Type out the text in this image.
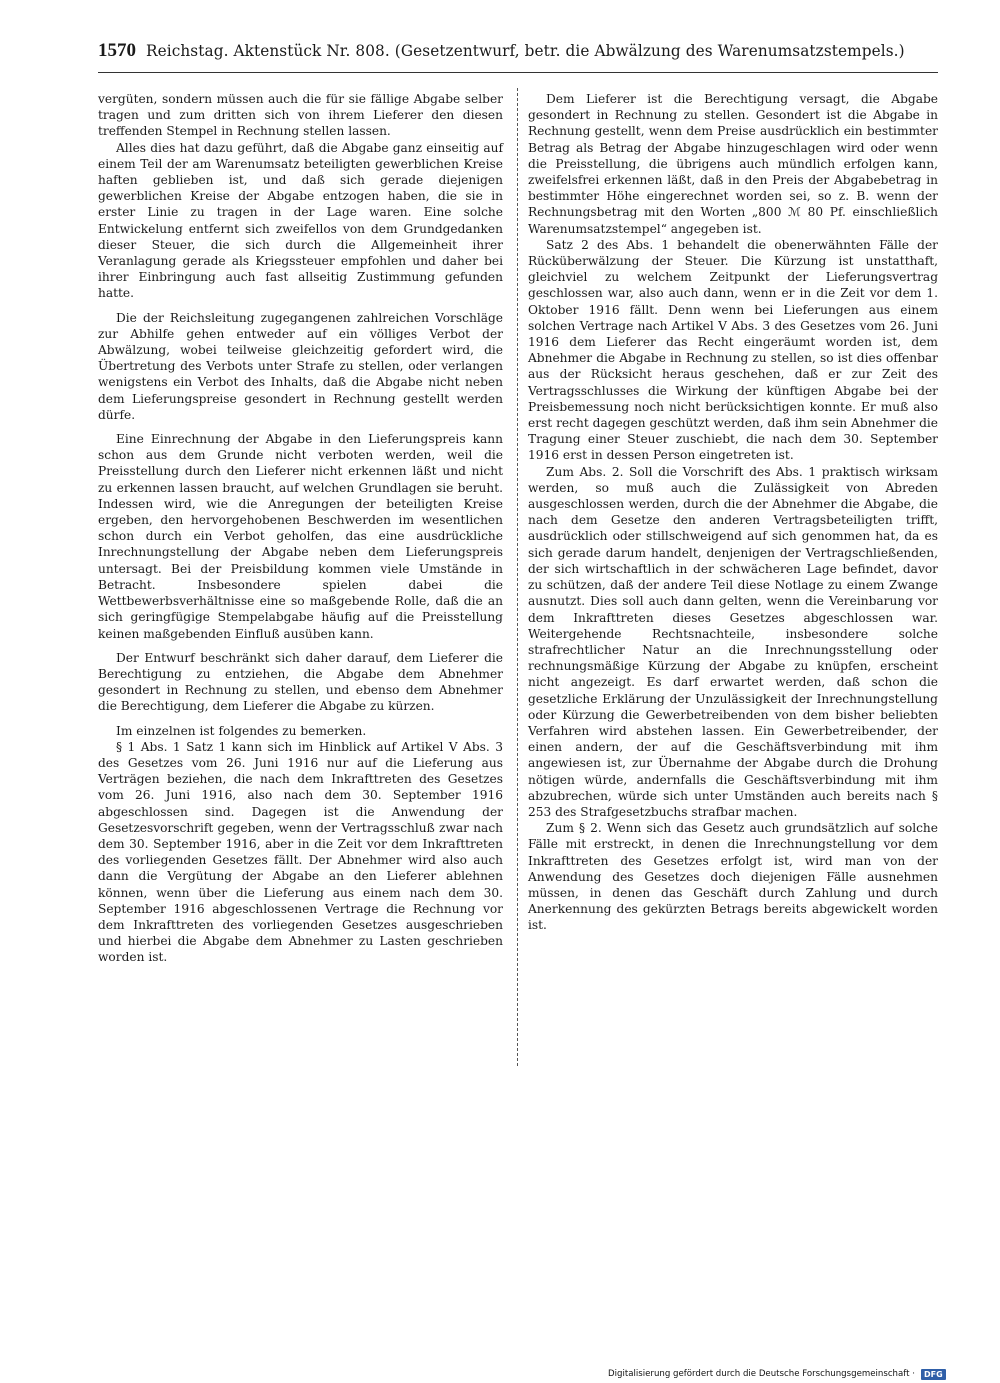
1570 Reichstag. Aktenstück Nr. 808. (Gesetzentwurf, betr. die Abwälzung des Warenumsatzstempels.)

vergüten, sondern müssen auch die für sie fällige Abgabe selber tragen und zum dritten sich von ihrem Lieferer den diesen treffenden Stempel in Rechnung stellen lassen.

Alles dies hat dazu geführt, daß die Abgabe ganz einseitig auf einem Teil der am Warenumsatz beteiligten gewerblichen Kreise haften geblieben ist, und daß sich gerade diejenigen gewerblichen Kreise der Abgabe entzogen haben, die sie in erster Linie zu tragen in der Lage waren. Eine solche Entwickelung entfernt sich zweifellos von dem Grundgedanken dieser Steuer, die sich durch die Allgemeinheit ihrer Veranlagung gerade als Kriegssteuer empfohlen und daher bei ihrer Einbringung auch fast allseitig Zustimmung gefunden hatte.

Die der Reichsleitung zugegangenen zahlreichen Vorschläge zur Abhilfe gehen entweder auf ein völliges Verbot der Abwälzung, wobei teilweise gleichzeitig gefordert wird, die Übertretung des Verbots unter Strafe zu stellen, oder verlangen wenigstens ein Verbot des Inhalts, daß die Abgabe nicht neben dem Lieferungspreise gesondert in Rechnung gestellt werden dürfe.

Eine Einrechnung der Abgabe in den Lieferungspreis kann schon aus dem Grunde nicht verboten werden, weil die Preisstellung durch den Lieferer nicht erkennen läßt und nicht zu erkennen lassen braucht, auf welchen Grundlagen sie beruht. Indessen wird, wie die Anregungen der beteiligten Kreise ergeben, den hervorgehobenen Beschwerden im wesentlichen schon durch ein Verbot geholfen, das eine ausdrückliche Inrechnungstellung der Abgabe neben dem Lieferungspreis untersagt. Bei der Preisbildung kommen viele Umstände in Betracht. Insbesondere spielen dabei die Wettbewerbsverhältnisse eine so maßgebende Rolle, daß die an sich geringfügige Stempelabgabe häufig auf die Preisstellung keinen maßgebenden Einfluß ausüben kann.

Der Entwurf beschränkt sich daher darauf, dem Lieferer die Berechtigung zu entziehen, die Abgabe dem Abnehmer gesondert in Rechnung zu stellen, und ebenso dem Abnehmer die Berechtigung, dem Lieferer die Abgabe zu kürzen.

Im einzelnen ist folgendes zu bemerken.

§ 1 Abs. 1 Satz 1 kann sich im Hinblick auf Artikel V Abs. 3 des Gesetzes vom 26. Juni 1916 nur auf die Lieferung aus Verträgen beziehen, die nach dem Inkrafttreten des Gesetzes vom 26. Juni 1916, also nach dem 30. September 1916 abgeschlossen sind. Dagegen ist die Anwendung der Gesetzesvorschrift gegeben, wenn der Vertragsschluß zwar nach dem 30. September 1916, aber in die Zeit vor dem Inkrafttreten des vorliegenden Gesetzes fällt. Der Abnehmer wird also auch dann die Vergütung der Abgabe an den Lieferer ablehnen können, wenn über die Lieferung aus einem nach dem 30. September 1916 abgeschlossenen Vertrage die Rechnung vor dem Inkrafttreten des vorliegenden Gesetzes ausgeschrieben und hierbei die Abgabe dem Abnehmer zu Lasten geschrieben worden ist.

Dem Lieferer ist die Berechtigung versagt, die Abgabe gesondert in Rechnung zu stellen. Gesondert ist die Abgabe in Rechnung gestellt, wenn dem Preise ausdrücklich ein bestimmter Betrag als Betrag der Abgabe hinzugeschlagen wird oder wenn die Preisstellung, die übrigens auch mündlich erfolgen kann, zweifelsfrei erkennen läßt, daß in den Preis der Abgabebetrag in bestimmter Höhe eingerechnet worden sei, so z. B. wenn der Rechnungsbetrag mit den Worten „800 ℳ 80 Pf. einschließlich Warenumsatzstempel“ angegeben ist.

Satz 2 des Abs. 1 behandelt die obenerwähnten Fälle der Rücküberwälzung der Steuer. Die Kürzung ist unstatthaft, gleichviel zu welchem Zeitpunkt der Lieferungsvertrag geschlossen war, also auch dann, wenn er in die Zeit vor dem 1. Oktober 1916 fällt. Denn wenn bei Lieferungen aus einem solchen Vertrage nach Artikel V Abs. 3 des Gesetzes vom 26. Juni 1916 dem Lieferer das Recht eingeräumt worden ist, dem Abnehmer die Abgabe in Rechnung zu stellen, so ist dies offenbar aus der Rücksicht heraus geschehen, daß er zur Zeit des Vertragsschlusses die Wirkung der künftigen Abgabe bei der Preisbemessung noch nicht berücksichtigen konnte. Er muß also erst recht dagegen geschützt werden, daß ihm sein Abnehmer die Tragung einer Steuer zuschiebt, die nach dem 30. September 1916 erst in dessen Person eingetreten ist.

Zum Abs. 2. Soll die Vorschrift des Abs. 1 praktisch wirksam werden, so muß auch die Zulässigkeit von Abreden ausgeschlossen werden, durch die der Abnehmer die Abgabe, die nach dem Gesetze den anderen Vertragsbeteiligten trifft, ausdrücklich oder stillschweigend auf sich genommen hat, da es sich gerade darum handelt, denjenigen der Vertragschließenden, der sich wirtschaftlich in der schwächeren Lage befindet, davor zu schützen, daß der andere Teil diese Notlage zu einem Zwange ausnutzt. Dies soll auch dann gelten, wenn die Vereinbarung vor dem Inkrafttreten dieses Gesetzes abgeschlossen war. Weitergehende Rechtsnachteile, insbesondere solche strafrechtlicher Natur an die Inrechnungsstellung oder rechnungsmäßige Kürzung der Abgabe zu knüpfen, erscheint nicht angezeigt. Es darf erwartet werden, daß schon die gesetzliche Erklärung der Unzulässigkeit der Inrechnungstellung oder Kürzung die Gewerbetreibenden von dem bisher beliebten Verfahren wird abstehen lassen. Ein Gewerbetreibender, der einen andern, der auf die Geschäftsverbindung mit ihm angewiesen ist, zur Übernahme der Abgabe durch die Drohung nötigen würde, andernfalls die Geschäftsverbindung mit ihm abzubrechen, würde sich unter Umständen auch bereits nach § 253 des Strafgesetzbuchs strafbar machen.

Zum § 2. Wenn sich das Gesetz auch grundsätzlich auf solche Fälle mit erstreckt, in denen die Inrechnungstellung vor dem Inkrafttreten des Gesetzes erfolgt ist, wird man von der Anwendung des Gesetzes doch diejenigen Fälle ausnehmen müssen, in denen das Geschäft durch Zahlung und durch Anerkennung des gekürzten Betrags bereits abgewickelt worden ist.

Digitalisierung gefördert durch die Deutsche Forschungsgemeinschaft ·	DFG
